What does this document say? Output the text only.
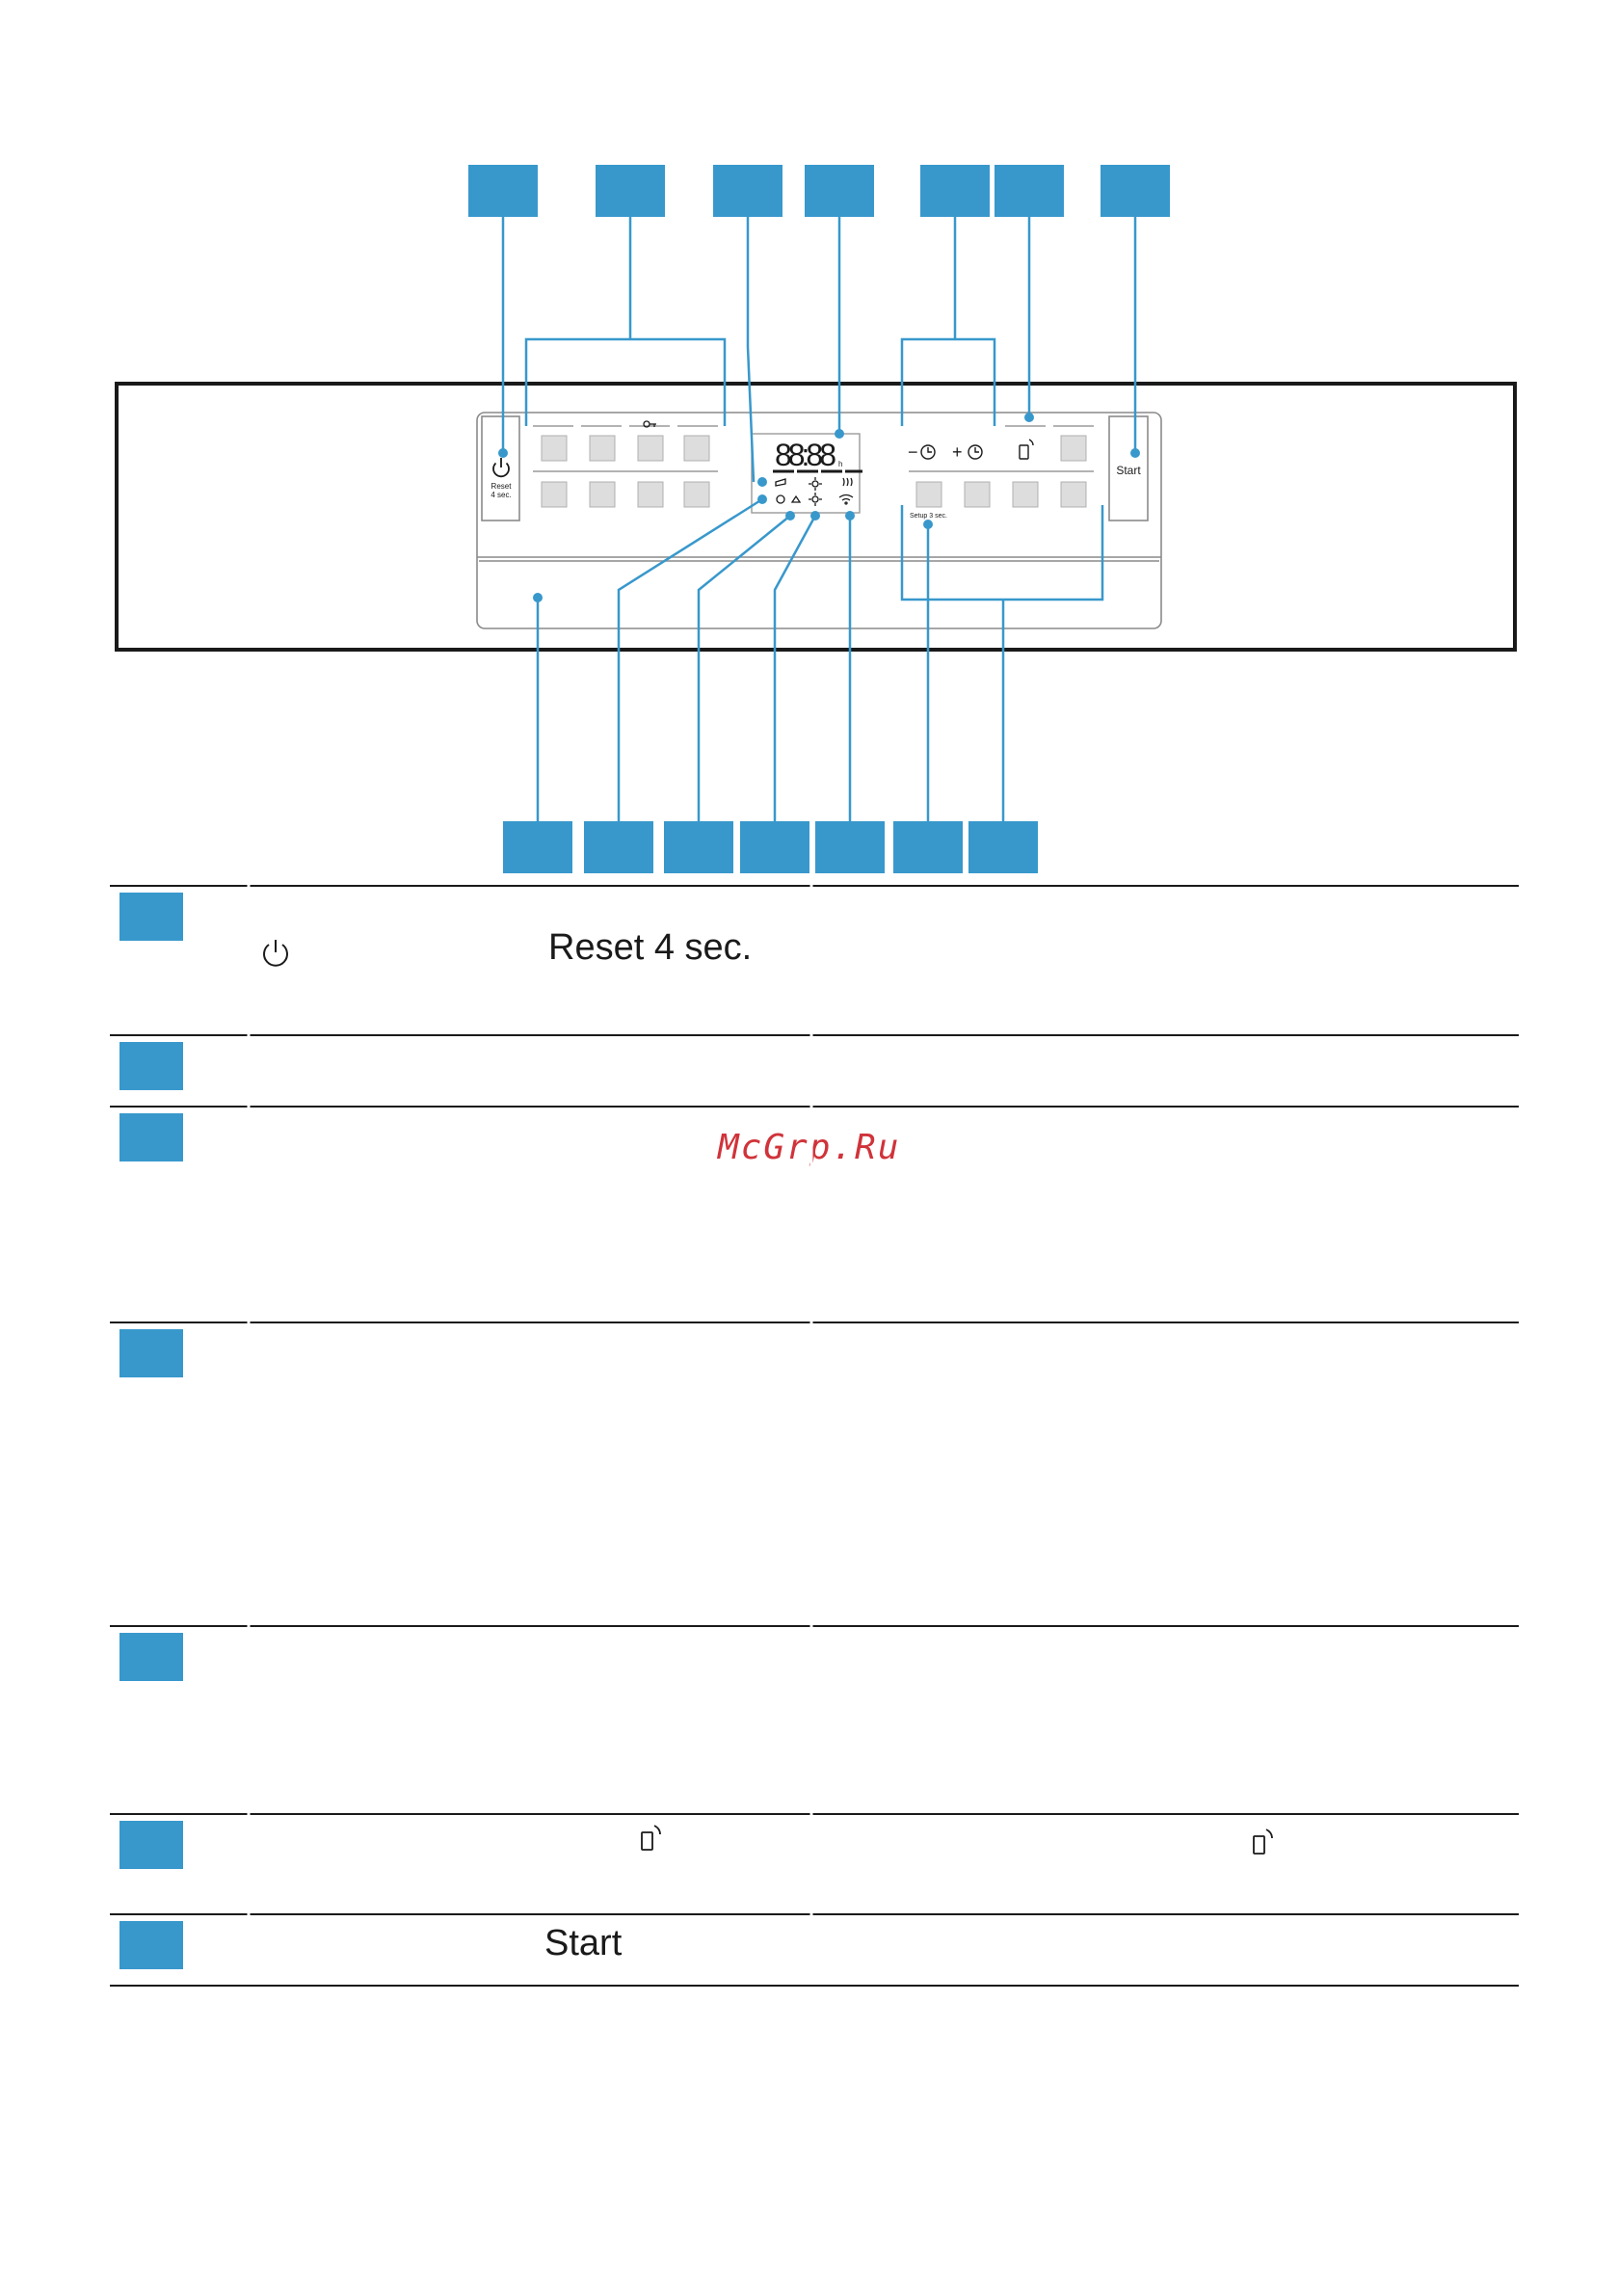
Reset
4 sec.
88:88 h
− +
Setup 3 sec.
Start
McGrp.Ru
Reset 4 sec.
Start
